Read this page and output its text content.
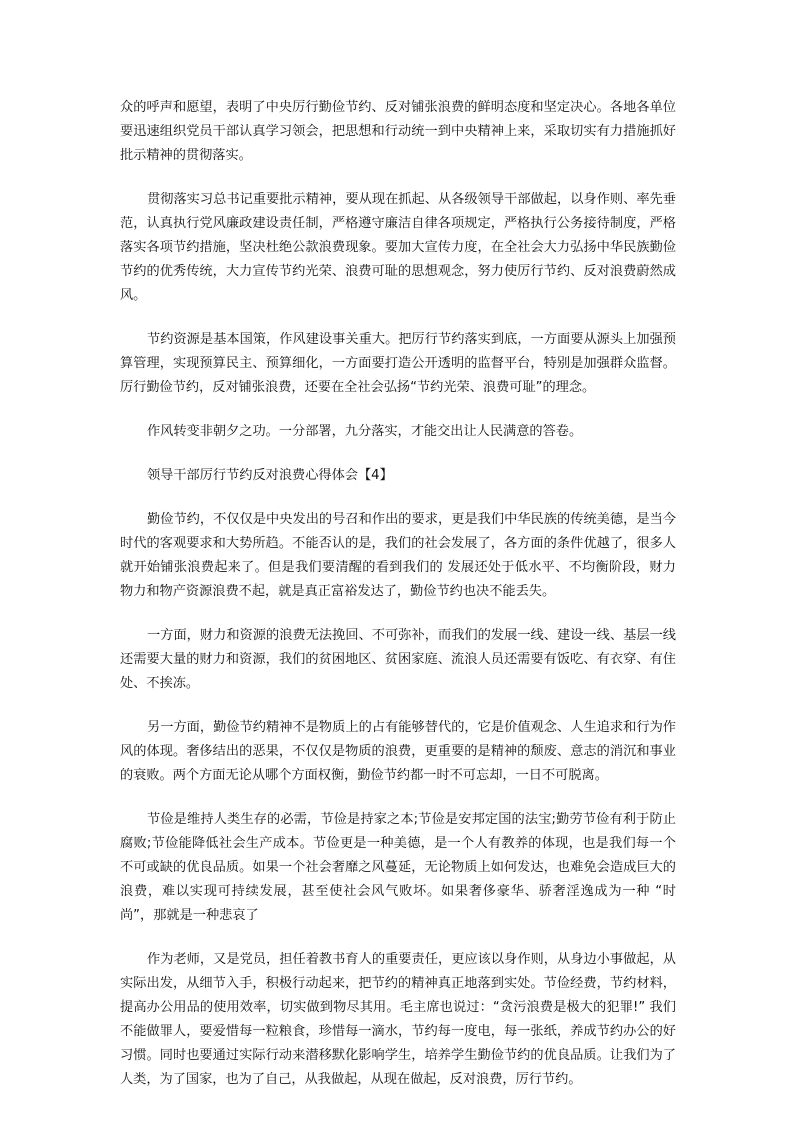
众的呼声和愿望，表明了中央厉行勤俭节约、反对铺张浪费的鲜明态度和坚定决心。各地各单位要迅速组织党员干部认真学习领会，把思想和行动统一到中央精神上来，采取切实有力措施抓好批示精神的贯彻落实。

贯彻落实习总书记重要批示精神，要从现在抓起、从各级领导干部做起，以身作则、率先垂范，认真执行党风廉政建设责任制，严格遵守廉洁自律各项规定，严格执行公务接待制度，严格落实各项节约措施，坚决杜绝公款浪费现象。要加大宣传力度，在全社会大力弘扬中华民族勤俭节约的优秀传统，大力宣传节约光荣、浪费可耻的思想观念，努力使厉行节约、反对浪费蔚然成风。

节约资源是基本国策，作风建设事关重大。把厉行节约落实到底，一方面要从源头上加强预算管理，实现预算民主、预算细化，一方面要打造公开透明的监督平台，特别是加强群众监督。厉行勤俭节约，反对铺张浪费，还要在全社会弘扬“节约光荣、浪费可耻”的理念。

作风转变非朝夕之功。一分部署，九分落实，才能交出让人民满意的答卷。

领导干部厉行节约反对浪费心得体会【4】

勤俭节约，不仅仅是中央发出的号召和作出的要求，更是我们中华民族的传统美德，是当今时代的客观要求和大势所趋。不能否认的是，我们的社会发展了，各方面的条件优越了，很多人就开始铺张浪费起来了。但是我们要清醒的看到我们的 发展还处于低水平、不均衡阶段，财力物力和物产资源浪费不起，就是真正富裕发达了，勤俭节约也决不能丢失。

一方面，财力和资源的浪费无法挽回、不可弥补，而我们的发展一线、建设一线、基层一线还需要大量的财力和资源，我们的贫困地区、贫困家庭、流浪人员还需要有饭吃、有衣穿、有住处、不挨冻。

另一方面，勤俭节约精神不是物质上的占有能够替代的，它是价值观念、人生追求和行为作风的体现。奢侈结出的恶果，不仅仅是物质的浪费，更重要的是精神的颓废、意志的消沉和事业的衰败。两个方面无论从哪个方面权衡，勤俭节约都一时不可忘却，一日不可脱离。

节俭是维持人类生存的必需，节俭是持家之本;节俭是安邦定国的法宝;勤劳节俭有利于防止腐败;节俭能降低社会生产成本。节俭更是一种美德，是一个人有教养的体现，也是我们每一个不可或缺的优良品质。如果一个社会奢靡之风蔓延，无论物质上如何发达，也难免会造成巨大的浪费，难以实现可持续发展，甚至使社会风气败坏。如果奢侈豪华、骄奢淫逸成为一种 “时尚”，那就是一种悲哀了

作为老师，又是党员，担任着教书育人的重要责任，更应该以身作则，从身边小事做起，从实际出发，从细节入手，积极行动起来，把节约的精神真正地落到实处。节俭经费，节约材料，提高办公用品的使用效率，切实做到物尽其用。毛主席也说过：“贪污浪费是极大的犯罪!” 我们不能做罪人，要爱惜每一粒粮食，珍惜每一滴水，节约每一度电，每一张纸，养成节约办公的好习惯。同时也要通过实际行动来潜移默化影响学生，培养学生勤俭节约的优良品质。让我们为了人类，为了国家，也为了自己，从我做起，从现在做起，反对浪费，厉行节约。
